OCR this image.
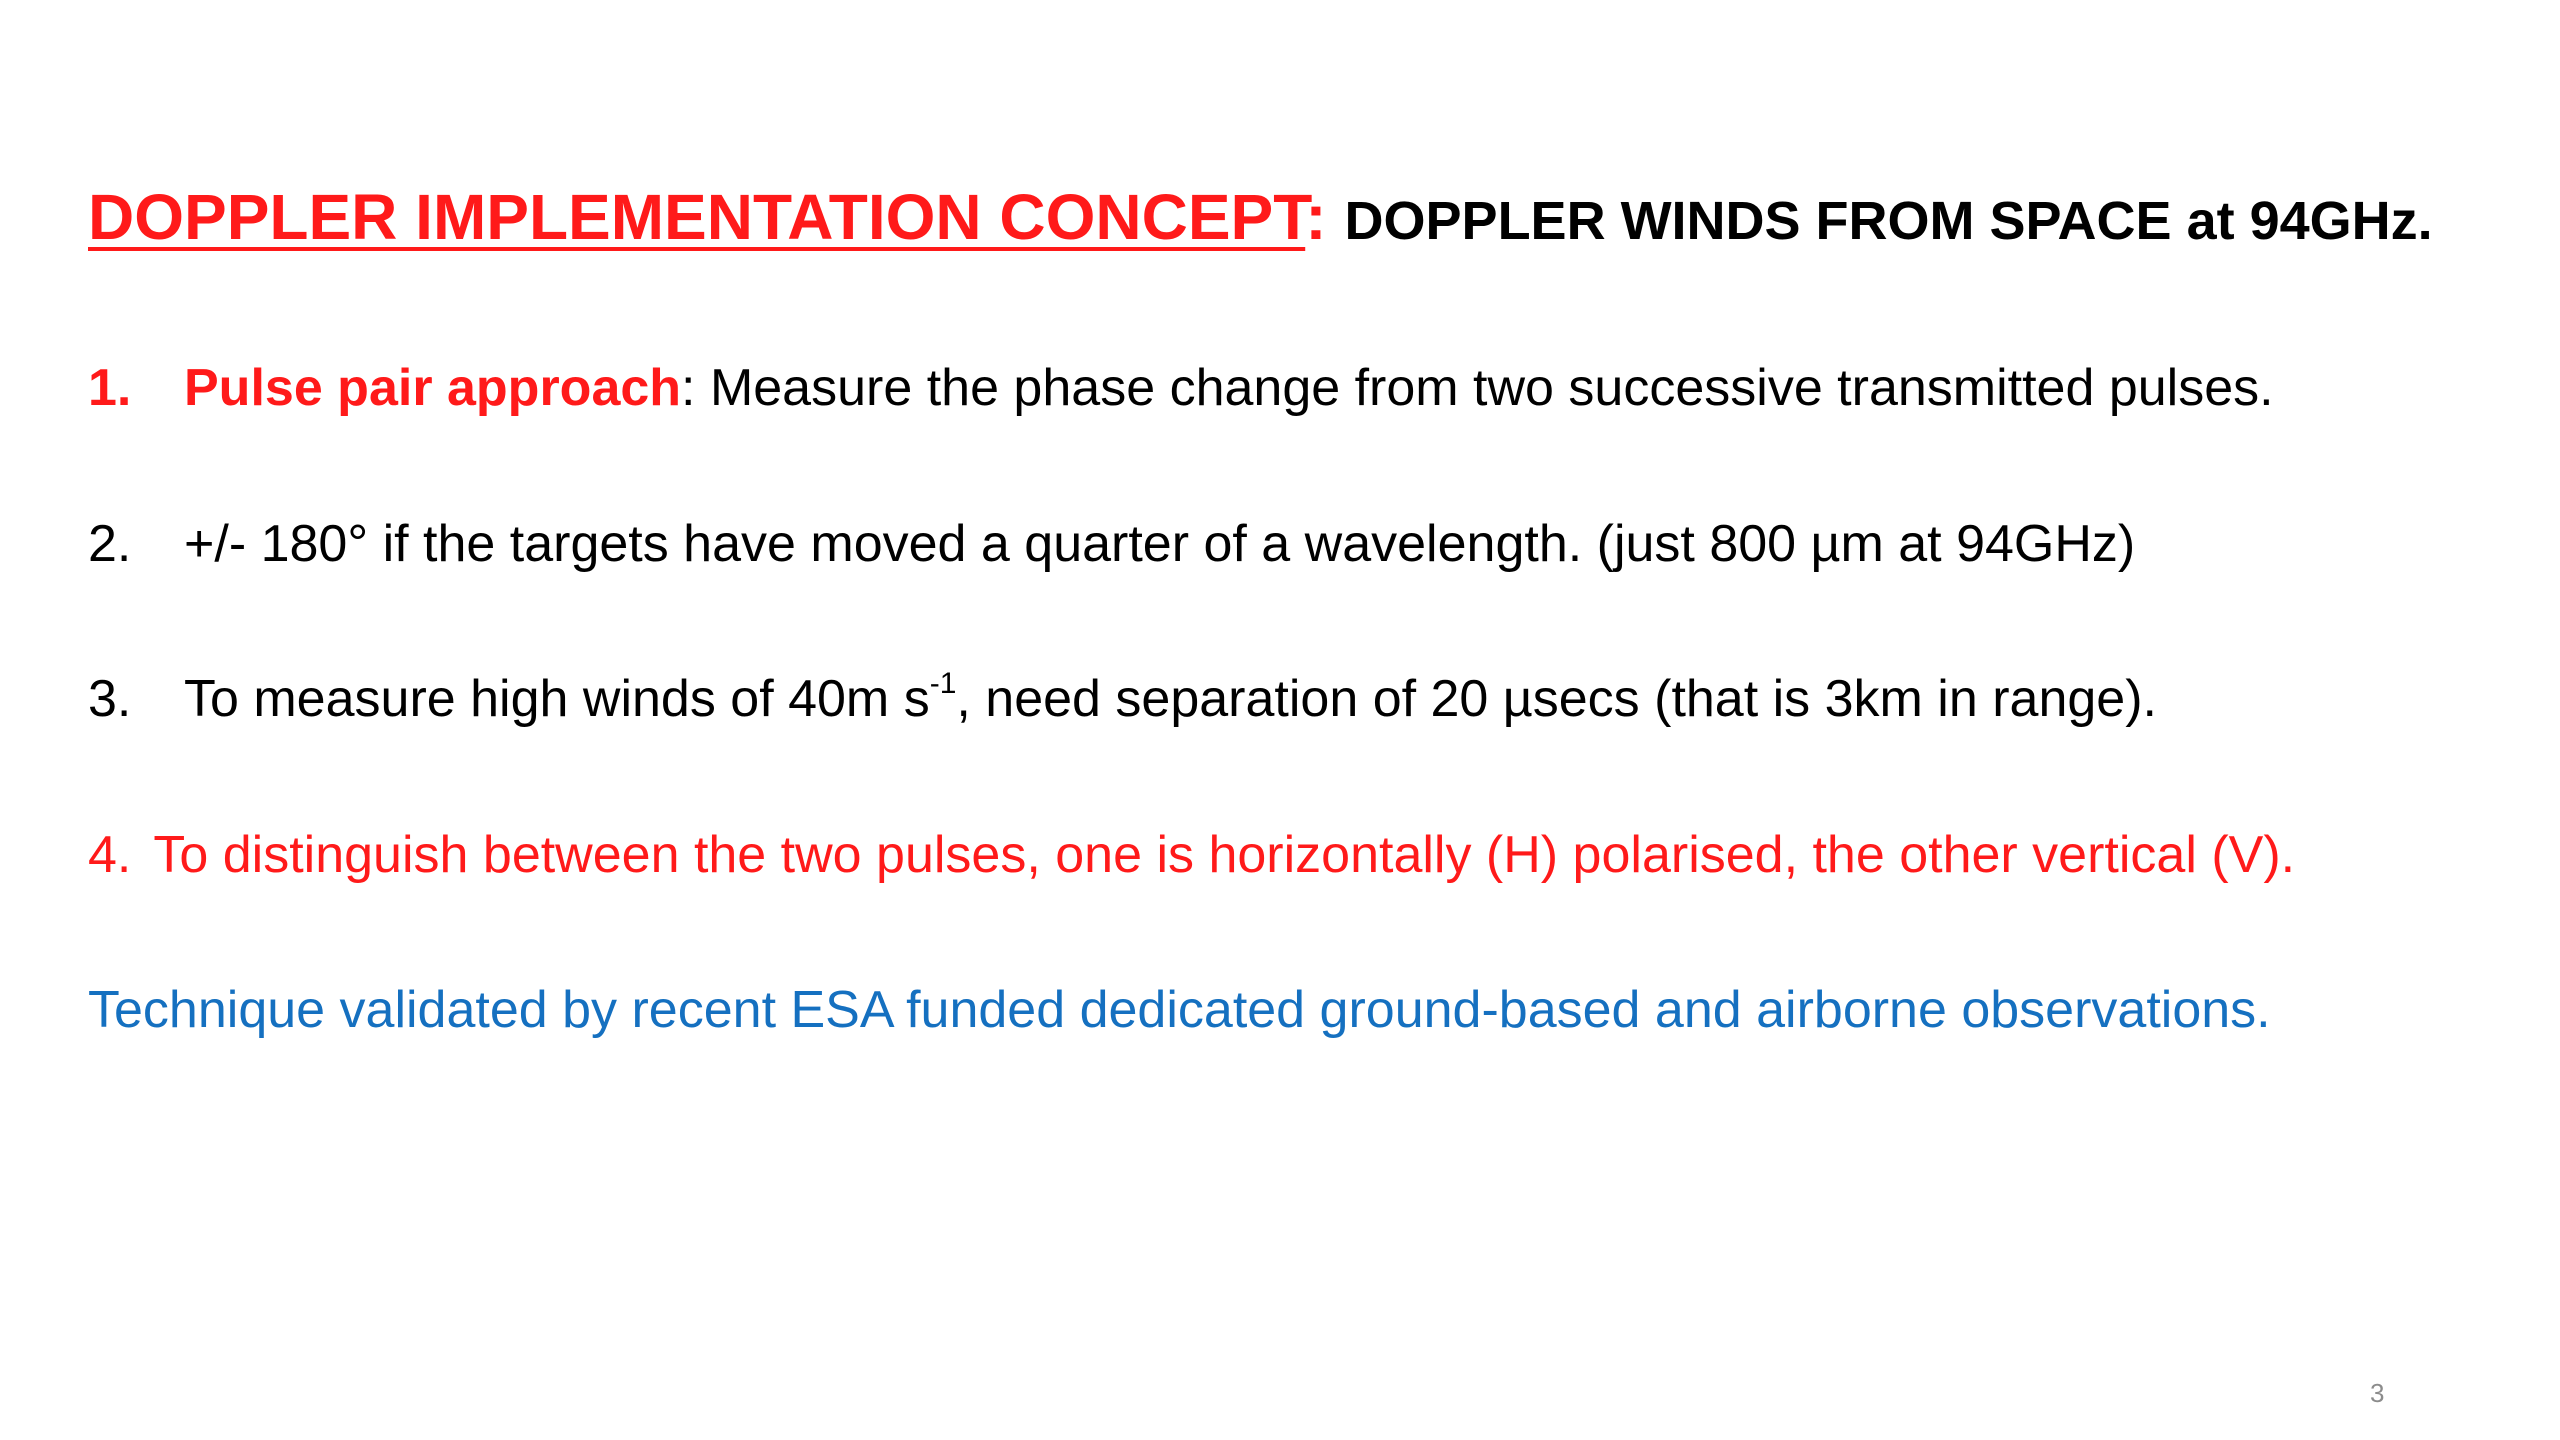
DOPPLER IMPLEMENTATION CONCEPT: DOPPLER WINDS FROM SPACE at 94GHz.
1. Pulse pair approach: Measure the phase change from two successive transmitted pulses.
2. +/- 180° if the targets have moved a quarter of a wavelength. (just 800 µm at 94GHz)
3. To measure high winds of 40m $s^{-1}$, need separation of 20 µsecs (that is 3km in range).
4. To distinguish between the two pulses, one is horizontally (H) polarised, the other vertical (V).
Technique validated by recent ESA funded dedicated ground-based and airborne observations.
3
